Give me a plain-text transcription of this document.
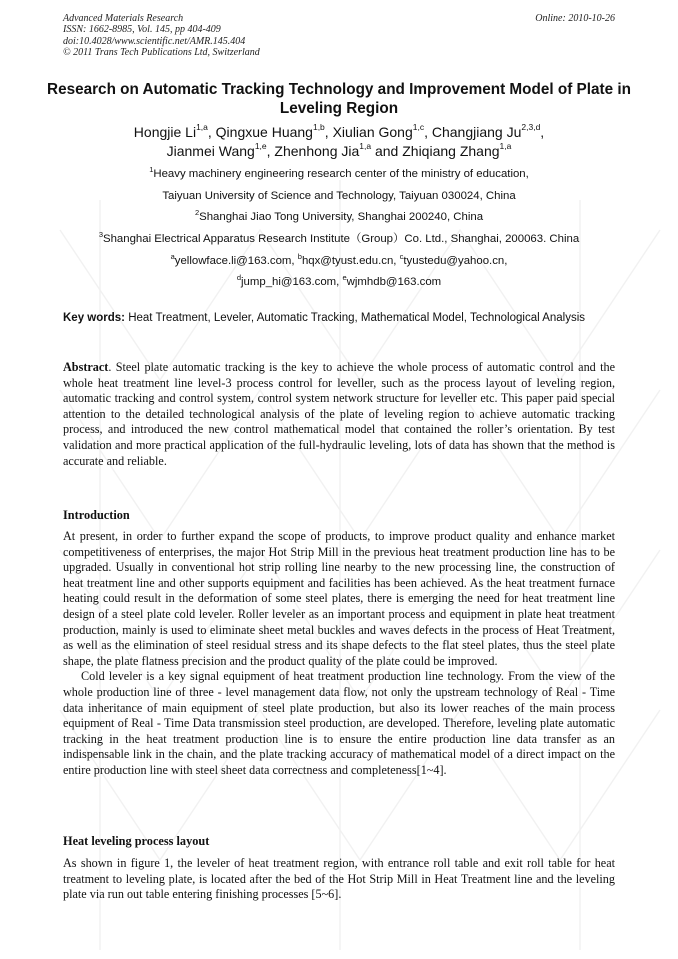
Advanced Materials Research
ISSN: 1662-8985, Vol. 145, pp 404-409
doi:10.4028/www.scientific.net/AMR.145.404
© 2011 Trans Tech Publications Ltd, Switzerland
Online: 2010-10-26
Research on Automatic Tracking Technology and Improvement Model of Plate in Leveling Region
Hongjie Li$^{1,a}$, Qingxue Huang$^{1,b}$, Xiulian Gong$^{1,c}$, Changjiang Ju$^{2,3,d}$,
Jianmei Wang$^{1,e}$, Zhenhong Jia$^{1,a}$ and Zhiqiang Zhang$^{1,a}$
$^1$Heavy machinery engineering research center of the ministry of education,
Taiyuan University of Science and Technology, Taiyuan 030024, China
$^2$Shanghai Jiao Tong University, Shanghai 200240, China
$^3$Shanghai Electrical Apparatus Research Institute（Group）Co. Ltd., Shanghai, 200063. China
$^a$yellowface.li@163.com, $^b$hqx@tyust.edu.cn, $^c$tyustedu@yahoo.cn,
$^d$jump_hi@163.com, $^e$wjmhdb@163.com
Key words: Heat Treatment, Leveler, Automatic Tracking, Mathematical Model, Technological Analysis

Abstract. Steel plate automatic tracking is the key to achieve the whole process of automatic control and the whole heat treatment line level-3 process control for leveller, such as the process layout of leveling region, automatic tracking and control system, control system network structure for leveller etc. This paper paid special attention to the detailed technological analysis of the plate of leveling region to achieve automatic tracking process, and introduced the new control mathematical model that contained the roller’s orientation. By test validation and more practical application of the full-hydraulic leveling, lots of data has shown that the method is accurate and reliable.

Introduction

At present, in order to further expand the scope of products, to improve product quality and enhance market competitiveness of enterprises, the major Hot Strip Mill in the previous heat treatment production line has to be upgraded. Usually in conventional hot strip rolling line nearby to the new processing line, the construction of heat treatment line and other supports equipment and facilities has been achieved. As the heat treatment furnace heating could result in the deformation of some steel plates, there is emerging the need for heat treatment line design of a steel plate cold leveler. Roller leveler as an important process and equipment in plate heat treatment production, mainly is used to eliminate sheet metal buckles and waves defects in the process of Heat Treatment, as well as the elimination of steel residual stress and its shape defects to the flat steel plates, thus the steel plate shape, the plate flatness precision and the product quality of the plate could be improved.

Cold leveler is a key signal equipment of heat treatment production line technology. From the view of the whole production line of three - level management data flow, not only the upstream technology of Real - Time data inheritance of main equipment of steel plate production, but also its lower reaches of the main process equipment of Real - Time Data transmission steel production, are developed. Therefore, leveling plate automatic tracking in the heat treatment production line is to ensure the entire production line data transfer as an indispensable link in the chain, and the plate tracking accuracy of mathematical model of a direct impact on the entire production line with steel sheet data correctness and completeness[1~4].

Heat leveling process layout

As shown in figure 1, the leveler of heat treatment region, with entrance roll table and exit roll table for heat treatment to leveling plate, is located after the bed of the Hot Strip Mill in Heat Treatment line and the leveling plate via run out table entering finishing processes [5~6].
